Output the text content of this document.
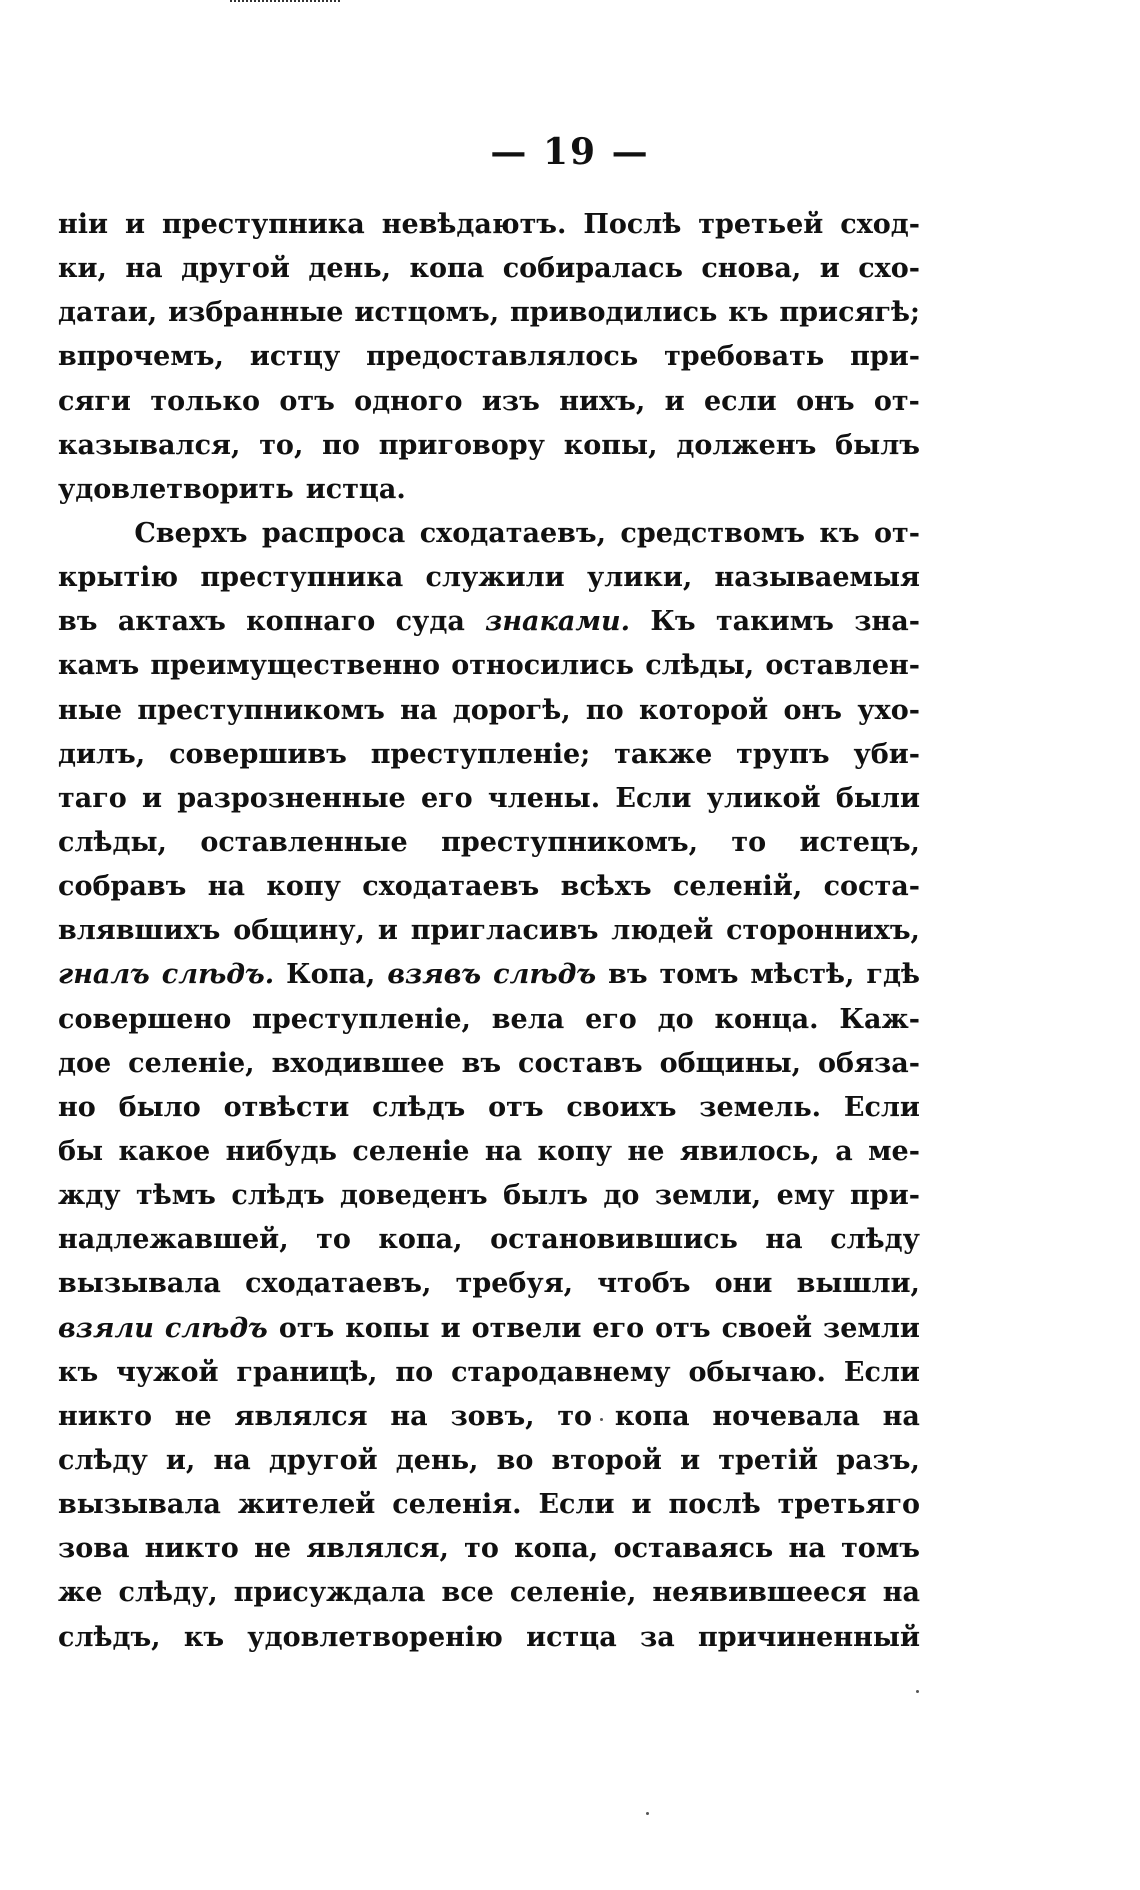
— 19 —
ніи и преступника невѣдаютъ. Послѣ третьей сход-
ки, на другой день, копа собиралась снова, и схо-
датаи, избранные истцомъ, приводились къ присягѣ;
впрочемъ, истцу предоставлялось требовать при-
сяги только отъ одного изъ нихъ, и если онъ от-
казывался, то, по приговору копы, долженъ былъ
удовлетворить истца.
Сверхъ распроса сходатаевъ, средствомъ къ от-
крытію преступника служили улики, называемыя
въ актахъ копнаго суда знаками. Къ такимъ зна-
камъ преимущественно относились слѣды, оставлен-
ные преступникомъ на дорогѣ, по которой онъ ухо-
дилъ, совершивъ преступленіе; также трупъ уби-
таго и разрозненные его члены. Если уликой были
слѣды, оставленные преступникомъ, то истецъ,
собравъ на копу сходатаевъ всѣхъ селеній, соста-
влявшихъ общину, и пригласивъ людей стороннихъ,
гналъ слѣдъ. Копа, взявъ слѣдъ въ томъ мѣстѣ, гдѣ
совершено преступленіе, вела его до конца. Каж-
дое селеніе, входившее въ составъ общины, обяза-
но было отвѣсти слѣдъ отъ своихъ земель. Если
бы какое нибудь селеніе на копу не явилось, а ме-
жду тѣмъ слѣдъ доведенъ былъ до земли, ему при-
надлежавшей, то копа, остановившись на слѣду
вызывала сходатаевъ, требуя, чтобъ они вышли,
взяли слѣдъ отъ копы и отвели его отъ своей земли
къ чужой границѣ, по стародавнему обычаю. Если
никто не являлся на зовъ, то копа ночевала на
слѣду и, на другой день, во второй и третій разъ,
вызывала жителей селенія. Если и послѣ третьяго
зова никто не являлся, то копа, оставаясь на томъ
же слѣду, присуждала все селеніе, неявившееся на
слѣдъ, къ удовлетворенію истца за причиненный
